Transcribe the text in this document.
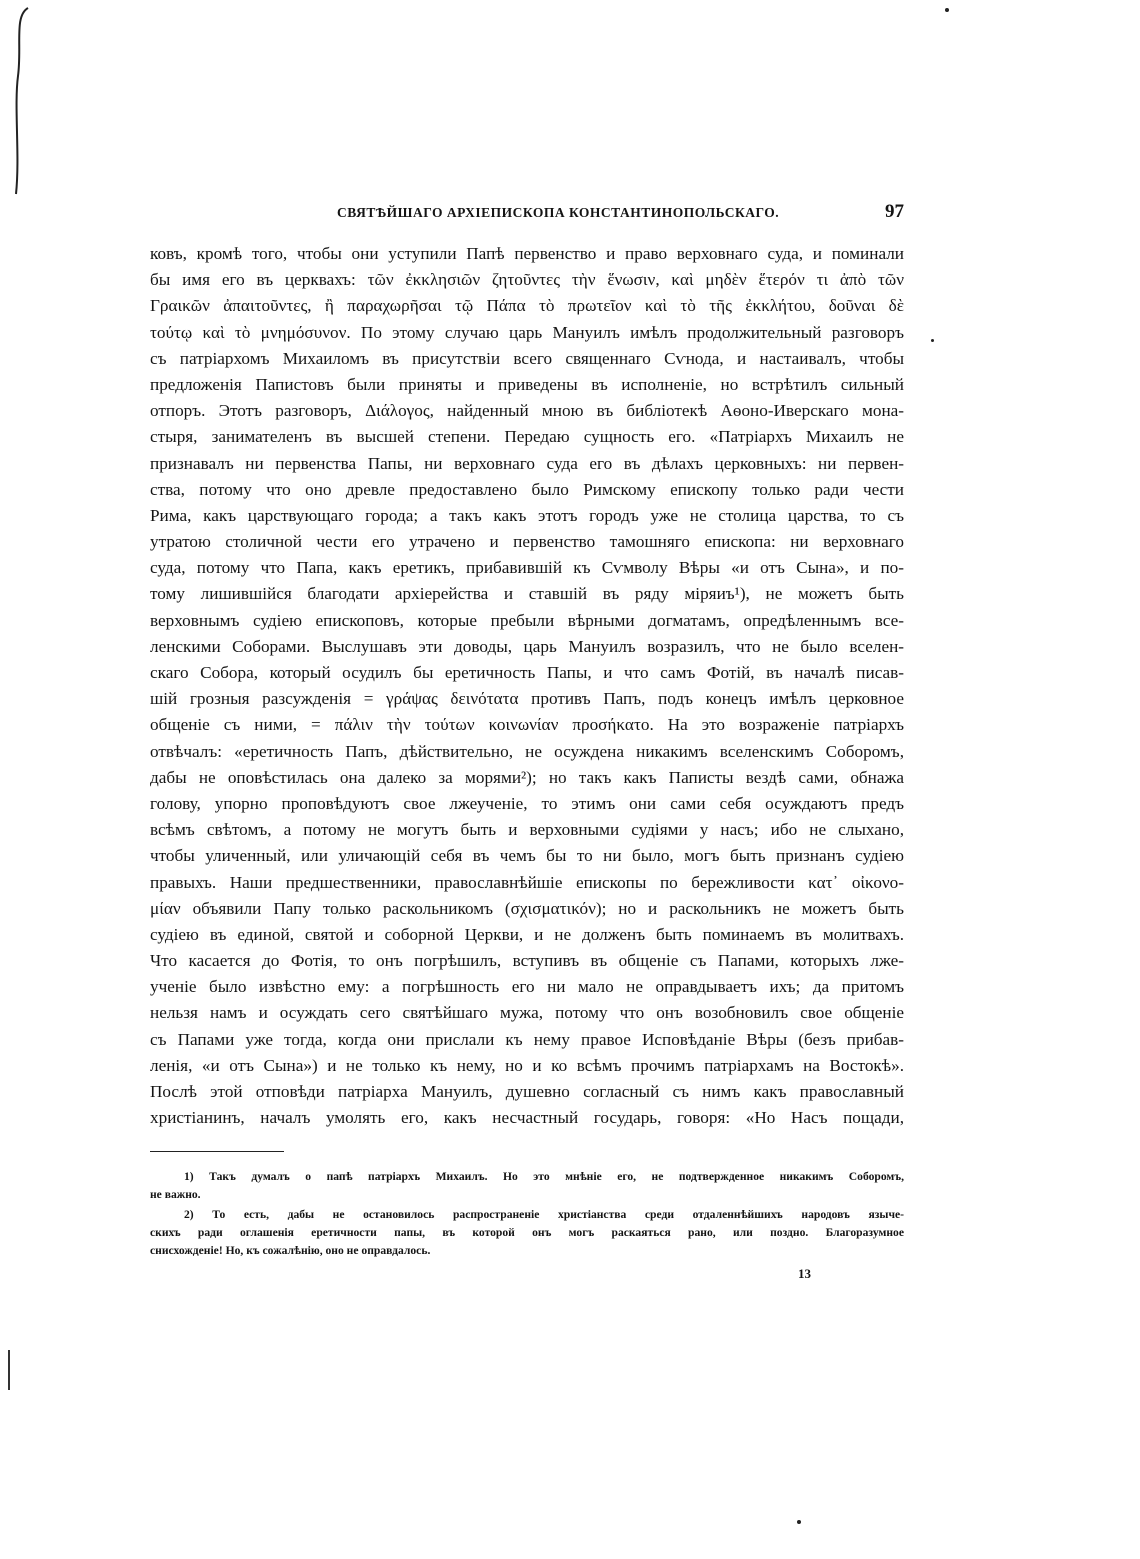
СВЯТѢЙШАГО АРХІЕПИСКОПА КОНСТАНТИНОПОЛЬСКАГО.	97
ковъ, кромѣ того, чтобы они уступили Папѣ первенство и право верховнаго суда, и поминали
бы имя его въ церквахъ: τῶν ἐκκλησιῶν ζητοῦντες τὴν ἕνωσιν, καὶ μηδὲν ἕτερόν τι ἀπὸ τῶν
Γραικῶν ἀπαιτοῦντες, ἢ παραχωρῆσαι τῷ Πάπα τὸ πρωτεῖον καὶ τὸ τῆς ἐκκλήτου, δοῦναι δὲ
τούτῳ καὶ τὸ μνημόσυνον. По этому случаю царь Мануилъ имѣлъ продолжительный разговоръ
съ патріархомъ Михаиломъ въ присутствіи всего священнаго Сѵнода, и настаивалъ, чтобы
предложенія Папистовъ были приняты и приведены въ исполненіе, но встрѣтилъ сильный
отпоръ. Этотъ разговоръ, Διάλογος, найденный мною въ библіотекѣ Аѳоно-Иверскаго мона-
стыря, занимателенъ въ высшей степени. Передаю сущность его. «Патріархъ Михаилъ не
признавалъ ни первенства Папы, ни верховнаго суда его въ дѣлахъ церковныхъ: ни первен-
ства, потому что оно древле предоставлено было Римскому епископу только ради чести
Рима, какъ царствующаго города; а такъ какъ этотъ городъ уже не столица царства, то съ
утратою столичной чести его утрачено и первенство тамошняго епископа: ни верховнаго
суда, потому что Папа, какъ еретикъ, прибавившій къ Сѵмволу Вѣры «и отъ Сына», и по-
тому лишившійся благодати архіерейства и ставшій въ ряду міряиъ¹), не можетъ быть
верховнымъ судіею епископовъ, которые пребыли вѣрными догматамъ, опредѣленнымъ все-
ленскими Соборами. Выслушавъ эти доводы, царь Мануилъ возразилъ, что не было вселен-
скаго Собора, который осудилъ бы еретичность Папы, и что самъ Фотій, въ началѣ писав-
шій грозныя разсужденія = γράψας δεινότατα противъ Папъ, подъ конецъ имѣлъ церковное
общеніе съ ними, = πάλιν τὴν τούτων κοινωνίαν προσήκατο. На это возраженіе патріархъ
отвѣчалъ: «еретичность Папъ, дѣйствительно, не осуждена никакимъ вселенскимъ Соборомъ,
дабы не оповѣстилась она далеко за морями²); но такъ какъ Паписты вездѣ сами, обнажа
голову, упорно проповѣдуютъ свое лжеученіе, то этимъ они сами себя осуждаютъ предъ
всѣмъ свѣтомъ, а потому не могутъ быть и верховными судіями у насъ; ибо не слыхано,
чтобы уличенный, или уличающій себя въ чемъ бы то ни было, могъ быть признанъ судіею
правыхъ. Наши предшественники, православнѣйшіе епископы по бережливости κατ᾽ οἰκονο-
μίαν объявили Папу только раскольникомъ (σχισματικόν); но и раскольникъ не можетъ быть
судіею въ единой, святой и соборной Церкви, и не долженъ быть поминаемъ въ молитвахъ.
Что касается до Фотія, то онъ погрѣшилъ, вступивъ въ общеніе съ Папами, которыхъ лже-
ученіе было извѣстно ему: а погрѣшность его ни мало не оправдываетъ ихъ; да притомъ
нельзя намъ и осуждать сего святѣйшаго мужа, потому что онъ возобновилъ свое общеніе
съ Папами уже тогда, когда они прислали къ нему правое Исповѣданіе Вѣры (безъ прибав-
ленія, «и отъ Сына») и не только къ нему, но и ко всѣмъ прочимъ патріархамъ на Востокѣ».
Послѣ этой отповѣди патріарха Мануилъ, душевно согласный съ нимъ какъ православный
христіанинъ, началъ умолять его, какъ несчастный государь, говоря: «Но Насъ пощади,
1) Такъ думалъ о папѣ патріархъ Михаилъ. Но это мнѣніе его, не подтвержденное никакимъ Соборомъ,
не важно.
2) То есть, дабы не остановилось распространеніе христіанства среди отдаленнѣйшихъ народовъ языче-
скихъ ради оглашенія еретичности папы, въ которой онъ могъ раскаяться рано, или поздно. Благоразумное
снисхожденіе! Но, къ сожалѣнію, оно не оправдалось.
13
